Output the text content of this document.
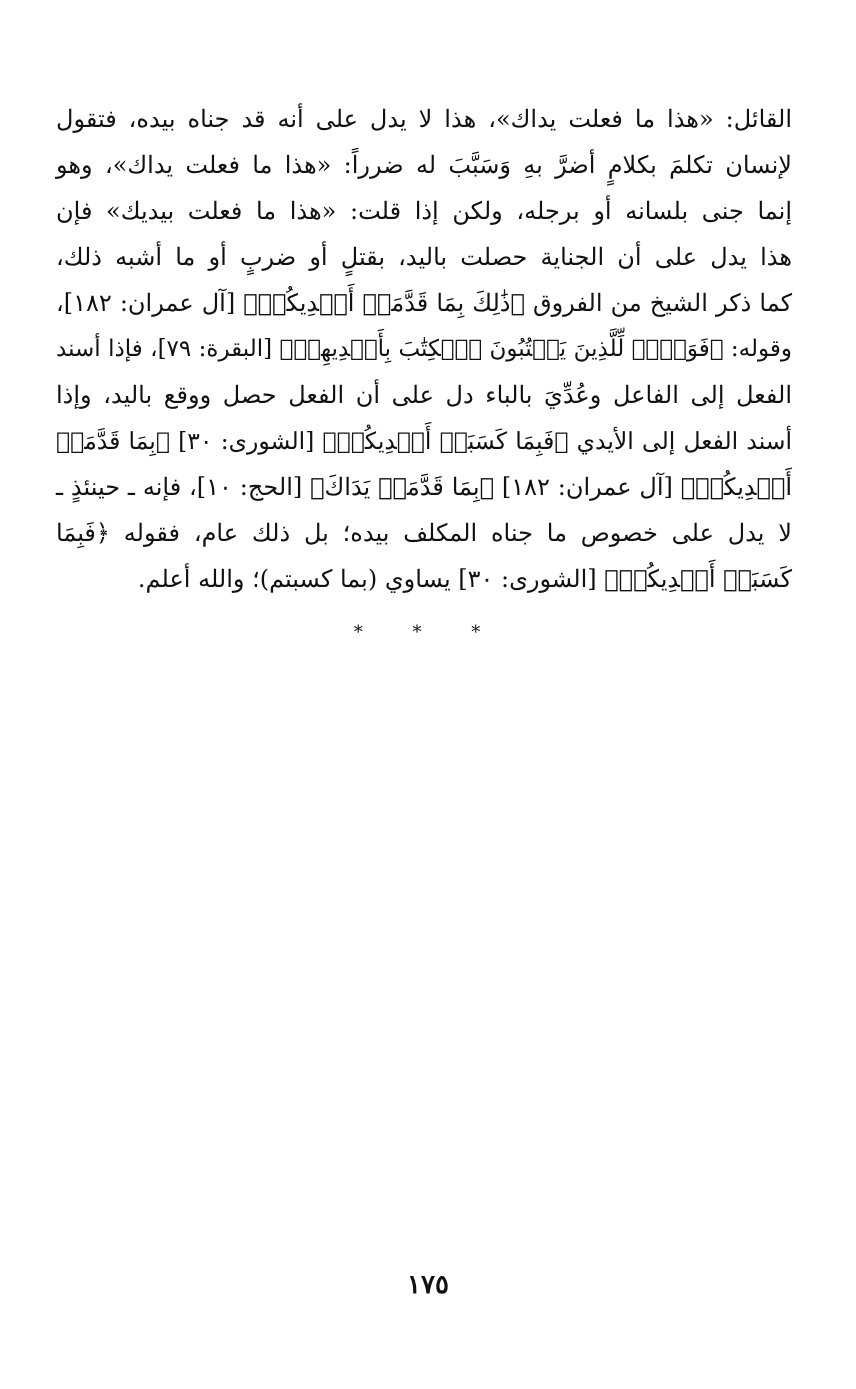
القائل: «هذا ما فعلت يداك»، هذا لا يدل على أنه قد جناه بيده، فتقول
لإنسان تكلمَ بكلامٍ أضرَّ بهِ وَسَبَّبَ له ضرراً: «هذا ما فعلت يداك»، وهو
إنما جنى بلسانه أو برجله، ولكن إذا قلت: «هذا ما فعلت بيديك» فإن
هذا يدل على أن الجناية حصلت باليد، بقتلٍ أو ضربٍ أو ما أشبه ذلك،
كما ذكر الشيخ من الفروق ﴿ذَٰلِكَ بِمَا قَدَّمَتۡ أَيۡدِيكُمۡ﴾ [آل عمران: ١٨٢]،
وقوله: ﴿فَوَيۡلٞ لِّلَّذِينَ يَكۡتُبُونَ ٱلۡكِتَٰبَ بِأَيۡدِيهِمۡ﴾ [البقرة: ٧٩]، فإذا أسند
الفعل إلى الفاعل وعُدِّيَ بالباء دل على أن الفعل حصل ووقع باليد، وإذا
أسند الفعل إلى الأيدي ﴿فَبِمَا كَسَبَتۡ أَيۡدِيكُمۡ﴾ [الشورى: ٣٠] ﴿بِمَا قَدَّمَتۡ
أَيۡدِيكُمۡ﴾ [آل عمران: ١٨٢] ﴿بِمَا قَدَّمَتۡ يَدَاكَ﴾ [الحج: ١٠]، فإنه ـ حينئذٍ ـ
لا يدل على خصوص ما جناه المكلف بيده؛ بل ذلك عام، فقوله ﴿فَبِمَا
كَسَبَتۡ أَيۡدِيكُمۡ﴾ [الشورى: ٣٠] يساوي (بما كسبتم)؛ والله أعلم.
* * *
١٧٥
